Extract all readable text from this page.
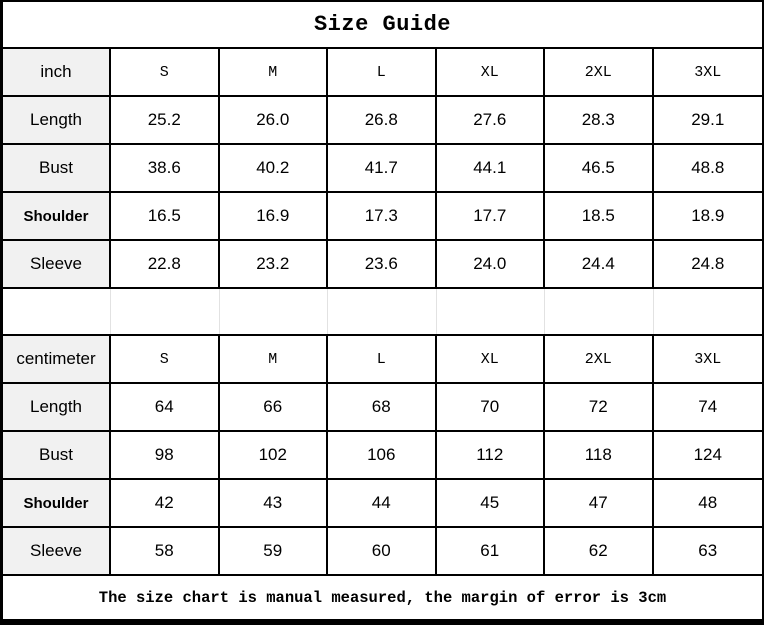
Size Guide
inch	S	M	L	XL	2XL	3XL
Length	25.2	26.0	26.8	27.6	28.3	29.1
Bust	38.6	40.2	41.7	44.1	46.5	48.8
Shoulder	16.5	16.9	17.3	17.7	18.5	18.9
Sleeve	22.8	23.2	23.6	24.0	24.4	24.8
centimeter	S	M	L	XL	2XL	3XL
Length	64	66	68	70	72	74
Bust	98	102	106	112	118	124
Shoulder	42	43	44	45	47	48
Sleeve	58	59	60	61	62	63
The size chart is manual measured, the margin of error is 3cm
